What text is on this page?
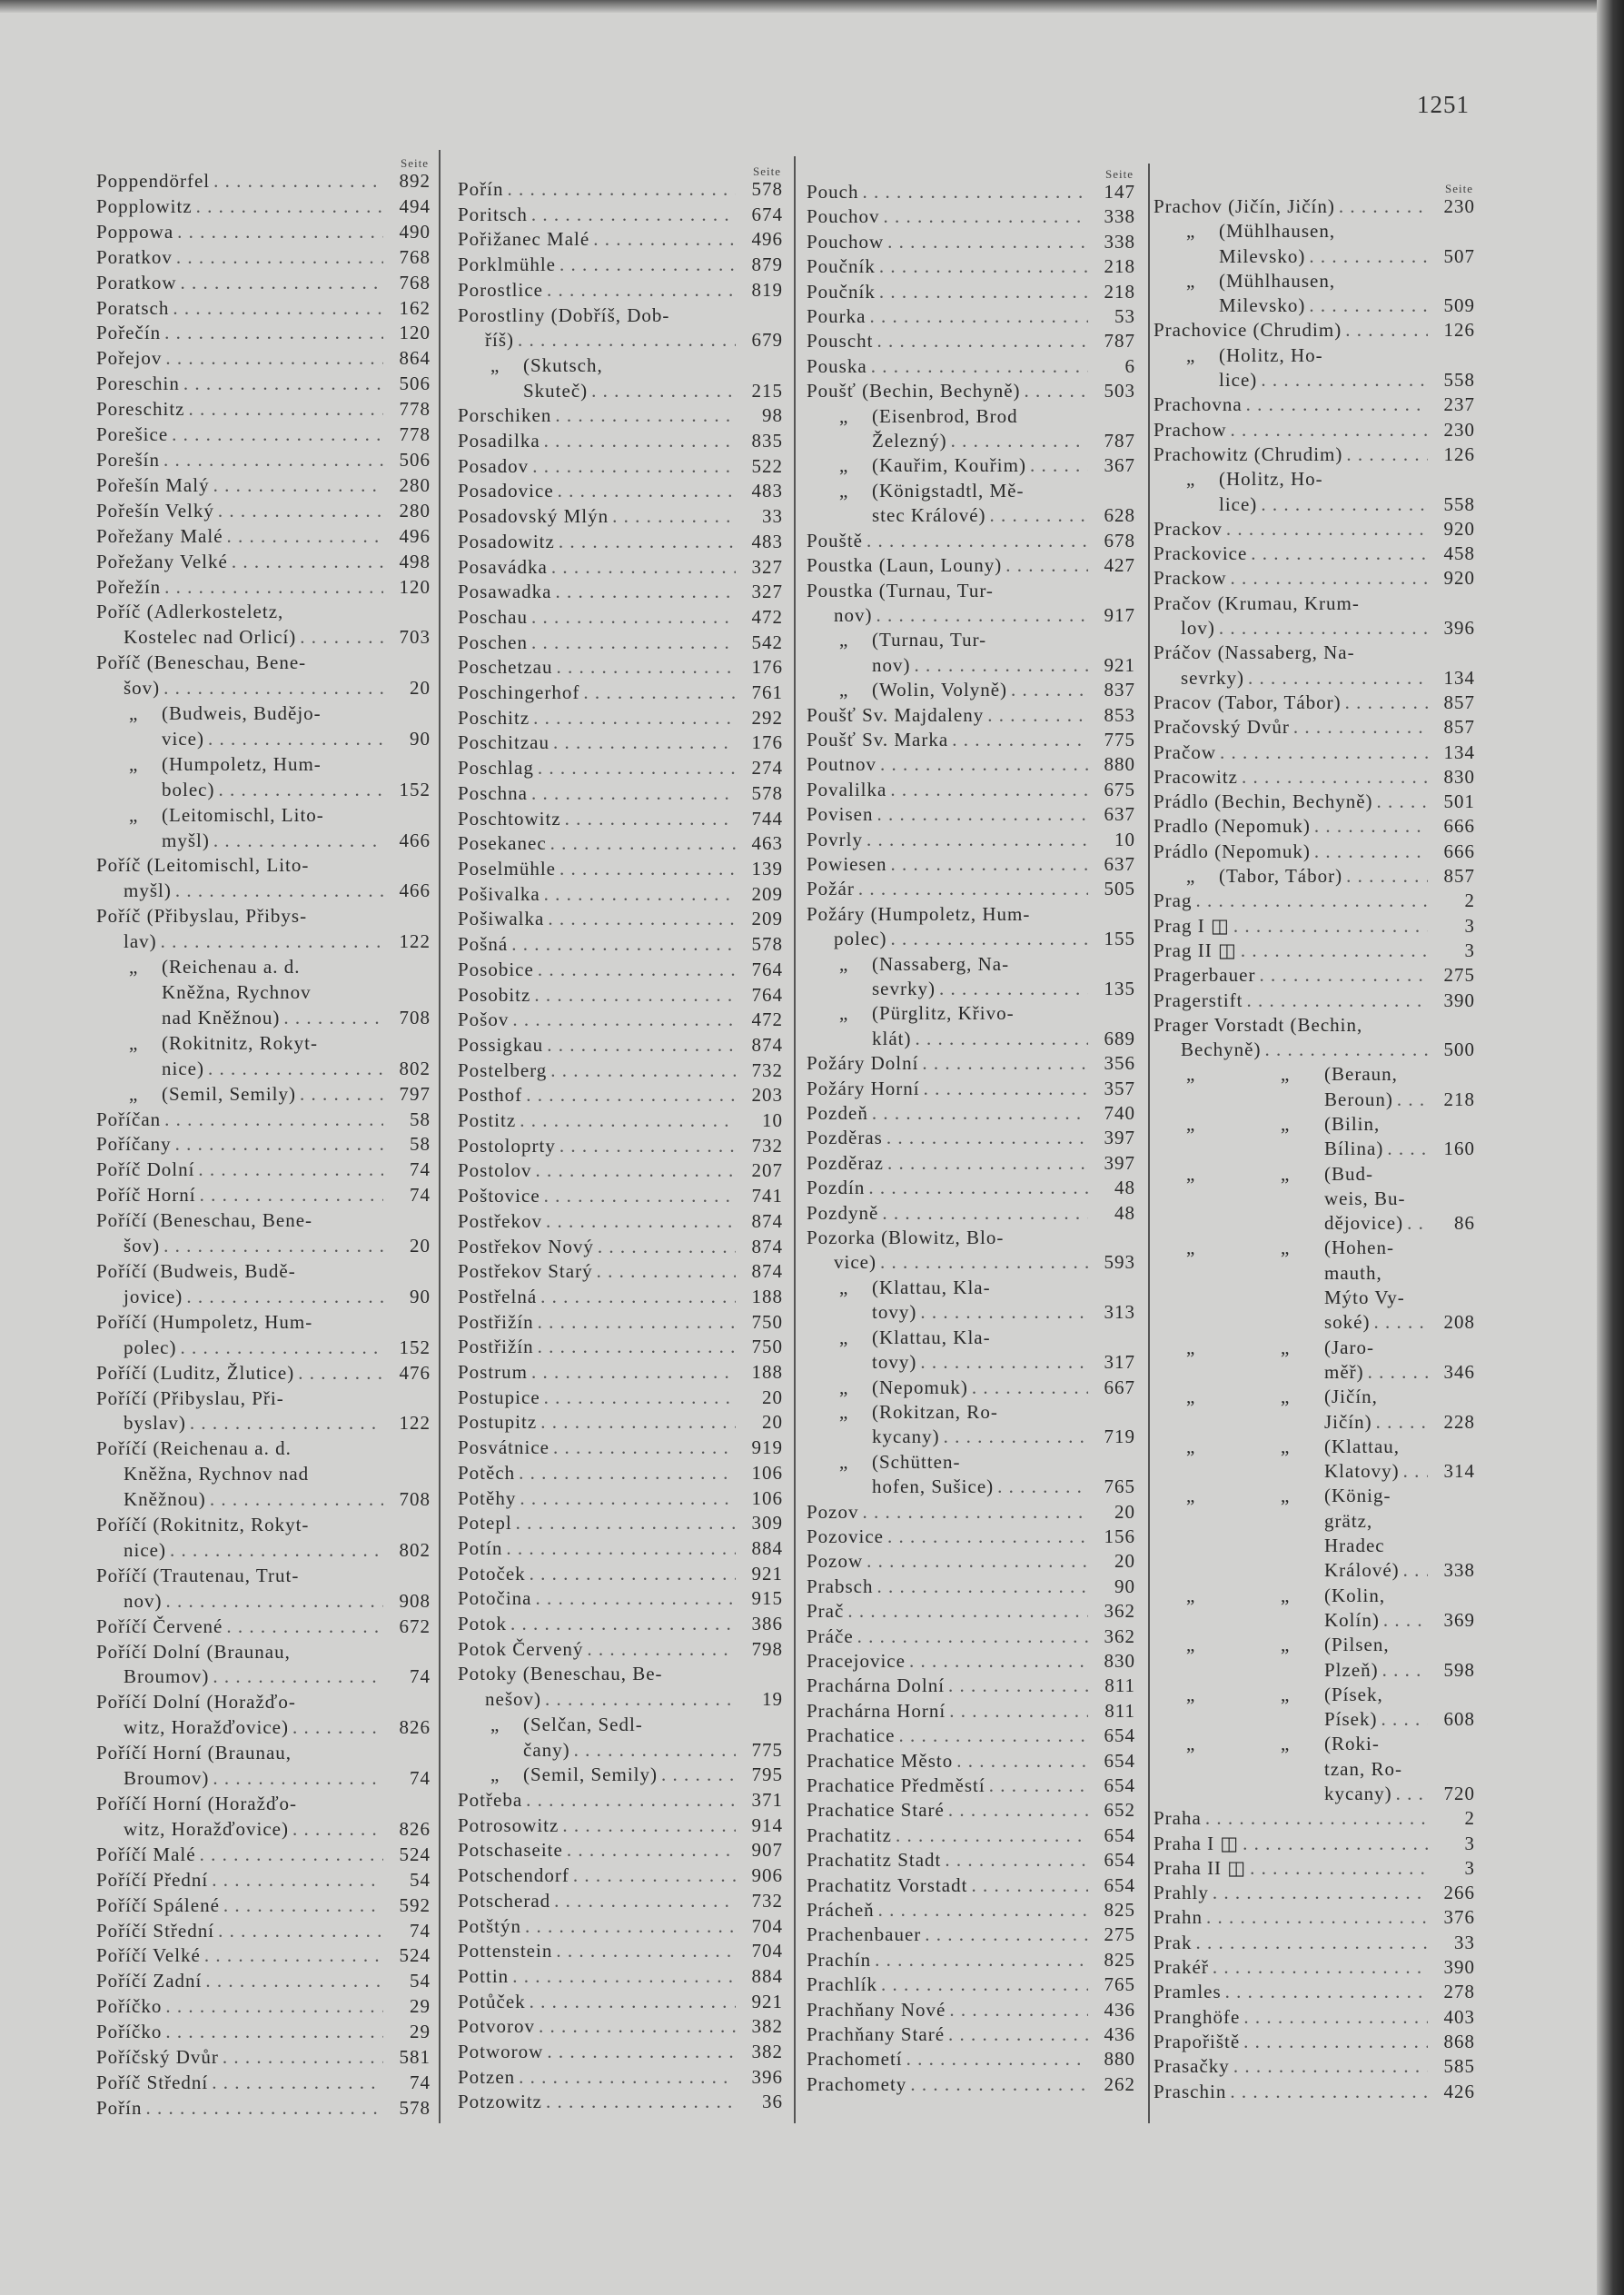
1251
Seite
Poppendörfel . . .	892
Popplowitz . . .	494
Poppowa . . .	490
Poratkov . . .	768
Poratkow . . .	768
Poratsch . . .	162
Pořečín . . .	120
Pořejov . . .	864
Poreschin . . .	506
Poreschitz . . .	778
Porešice . . .	778
Porešín . . .	506
Pořešín Malý . . .	280
Pořešín Velký . . .	280
Pořežany Malé . . .	496
Pořežany Velké . . .	498
Pořežín . . .	120
Poříč (Adlerkosteletz,
Kostelec nad Orlicí) . . .	703
Poříč (Beneschau, Bene-
šov) . . .	20
„ (Budweis, Budějo-
vice) . . .	90
„ (Humpoletz, Hum-
bolec) . . .	152
„ (Leitomischl, Lito-
myšl) . . .	466
Poříč (Leitomischl, Lito-
myšl) . . .	466
Poříč (Přibyslau, Přibys-
lav) . . .	122
„ (Reichenau a. d.
Kněžna, Rychnov
nad Kněžnou) . . .	708
„ (Rokitnitz, Rokyt-
nice) . . .	802
„ (Semil, Semily) . . .	797
Poříčan . . .	58
Poříčany . . .	58
Poříč Dolní . . .	74
Poříč Horní . . .	74
Poříčí (Beneschau, Bene-
šov) . . .	20
Poříčí (Budweis, Budě-
jovice) . . .	90
Poříčí (Humpoletz, Hum-
polec) . . .	152
Poříčí (Luditz, Žlutice) . . .	476
Poříčí (Přibyslau, Při-
byslav) . . .	122
Poříčí (Reichenau a. d.
Kněžna, Rychnov nad
Kněžnou) . . .	708
Poříčí (Rokitnitz, Rokyt-
nice) . . .	802
Poříčí (Trautenau, Trut-
nov) . . .	908
Poříčí Červené . . .	672
Poříčí Dolní (Braunau,
Broumov) . . .	74
Poříčí Dolní (Horažďo-
witz, Horažďovice) . . .	826
Poříčí Horní (Braunau,
Broumov) . . .	74
Poříčí Horní (Horažďo-
witz, Horažďovice) . . .	826
Poříčí Malé . . .	524
Poříčí Přední . . .	54
Poříčí Spálené . . .	592
Poříčí Střední . . .	74
Poříčí Velké . . .	524
Poříčí Zadní . . .	54
Poříčko . . .	29
Poříčko . . .	29
Poříčský Dvůr . . .	581
Poříč Střední . . .	74
Pořín . . .	578
Seite
Pořín . . .	578
Poritsch . . .	674
Pořižanec Malé . . .	496
Porklmühle . . .	879
Porostlice . . .	819
Porostliny (Dobříš, Dob-
říš) . . .	679
„ (Skutsch,
Skuteč) . . .	215
Porschiken . . .	98
Posadilka . . .	835
Posadov . . .	522
Posadovice . . .	483
Posadovský Mlýn . . .	33
Posadowitz . . .	483
Posavádka . . .	327
Posawadka . . .	327
Poschau . . .	472
Poschen . . .	542
Poschetzau . . .	176
Poschingerhof . . .	761
Poschitz . . .	292
Poschitzau . . .	176
Poschlag . . .	274
Poschna . . .	578
Poschtowitz . . .	744
Posekanec . . .	463
Poselmühle . . .	139
Pošivalka . . .	209
Pošiwalka . . .	209
Pošná . . .	578
Posobice . . .	764
Posobitz . . .	764
Pošov . . .	472
Possigkau . . .	874
Postelberg . . .	732
Posthof . . .	203
Postitz . . .	10
Postoloprty . . .	732
Postolov . . .	207
Poštovice . . .	741
Postřekov . . .	874
Postřekov Nový . . .	874
Postřekov Starý . . .	874
Postřelná . . .	188
Postřižín . . .	750
Postřižín . . .	750
Postrum . . .	188
Postupice . . .	20
Postupitz . . .	20
Posvátnice . . .	919
Potěch . . .	106
Potěhy . . .	106
Potepl . . .	309
Potín . . .	884
Potoček . . .	921
Potočina . . .	915
Potok . . .	386
Potok Červený . . .	798
Potoky (Beneschau, Be-
nešov) . . .	19
„ (Selčan, Sedl-
čany) . . .	775
„ (Semil, Semily) . . .	795
Potřeba . . .	371
Potrosowitz . . .	914
Potschaseite . . .	907
Potschendorf . . .	906
Potscherad . . .	732
Potštýn . . .	704
Pottenstein . . .	704
Pottin . . .	884
Potůček . . .	921
Potvorov . . .	382
Potworow . . .	382
Potzen . . .	396
Potzowitz . . .	36
Seite
Pouch . . .	147
Pouchov . . .	338
Pouchow . . .	338
Poučník . . .	218
Poučník . . .	218
Pourka . . .	53
Pouscht . . .	787
Pouska . . .	6
Poušť (Bechin, Bechyně) . . .	503
„ (Eisenbrod, Brod
Železný) . . .	787
„ (Kauřim, Kouřim) . . .	367
„ (Königstadtl, Mě-
stec Králové) . . .	628
Pouště . . .	678
Poustka (Laun, Louny) . . .	427
Poustka (Turnau, Tur-
nov) . . .	917
„ (Turnau, Tur-
nov) . . .	921
„ (Wolin, Volyně) . . .	837
Poušť Sv. Majdaleny . . .	853
Poušť Sv. Marka . . .	775
Poutnov . . .	880
Povalilka . . .	675
Povisen . . .	637
Povrly . . .	10
Powiesen . . .	637
Požár . . .	505
Požáry (Humpoletz, Hum-
polec) . . .	155
„ (Nassaberg, Na-
sevrky) . . .	135
„ (Pürglitz, Křivo-
klát) . . .	689
Požáry Dolní . . .	356
Požáry Horní . . .	357
Pozdeň . . .	740
Pozděras . . .	397
Pozděraz . . .	397
Pozdín . . .	48
Pozdyně . . .	48
Pozorka (Blowitz, Blo-
vice) . . .	593
„ (Klattau, Kla-
tovy) . . .	313
„ (Klattau, Kla-
tovy) . . .	317
„ (Nepomuk) . . .	667
„ (Rokitzan, Ro-
kycany) . . .	719
„ (Schütten-
hofen, Sušice) . . .	765
Pozov . . .	20
Pozovice . . .	156
Pozow . . .	20
Prabsch . . .	90
Prač . . .	362
Práče . . .	362
Pracejovice . . .	830
Prachárna Dolní . . .	811
Prachárna Horní . . .	811
Prachatice . . .	654
Prachatice Město . . .	654
Prachatice Předměstí . . .	654
Prachatice Staré . . .	652
Prachatitz . . .	654
Prachatitz Stadt . . .	654
Prachatitz Vorstadt . . .	654
Prácheň . . .	825
Prachenbauer . . .	275
Prachín . . .	825
Prachlík . . .	765
Prachňany Nové . . .	436
Prachňany Staré . . .	436
Prachometí . . .	880
Prachomety . . .	262
Seite
Prachov (Jičín, Jičín) . . .	230
„ (Mühlhausen,
Milevsko) . . .	507
„ (Mühlhausen,
Milevsko) . . .	509
Prachovice (Chrudim) . . .	126
„ (Holitz, Ho-
lice) . . .	558
Prachovna . . .	237
Prachow . . .	230
Prachowitz (Chrudim) . . .	126
„ (Holitz, Ho-
lice) . . .	558
Prackov . . .	920
Prackovice . . .	458
Prackow . . .	920
Pračov (Krumau, Krum-
lov) . . .	396
Práčov (Nassaberg, Na-
sevrky) . . .	134
Pracov (Tabor, Tábor) . . .	857
Pračovský Dvůr . . .	857
Pračow . . .	134
Pracowitz . . .	830
Prádlo (Bechin, Bechyně) . . .	501
Pradlo (Nepomuk) . . .	666
Prádlo (Nepomuk) . . .	666
„ (Tabor, Tábor) . . .	857
Prag . . .	2
Prag I ◫ . . .	3
Prag II ◫ . . .	3
Pragerbauer . . .	275
Pragerstift . . .	390
Prager Vorstadt (Bechin,
Bechyně) . . .	500
„	„ (Beraun,
Beroun) . . .	218
„	„ (Bilin,
Bílina) . . .	160
„	„ (Bud-
weis, Bu-
dějovice) . . .	86
„	„ (Hohen-
mauth,
Mýto Vy-
soké) . . .	208
„	„ (Jaro-
měř) . . .	346
„	„ (Jičín,
Jičín) . . .	228
„	„ (Klattau,
Klatovy) . . .	314
„	„ (König-
grätz,
Hradec
Králové) . . .	338
„	„ (Kolin,
Kolín) . . .	369
„	„ (Pilsen,
Plzeň) . . .	598
„	„ (Písek,
Písek) . . .	608
„	„ (Roki-
tzan, Ro-
kycany) . . .	720
Praha . . .	2
Praha I ◫ . . .	3
Praha II ◫ . . .	3
Prahly . . .	266
Prahn . . .	376
Prak . . .	33
Prakéř . . .	390
Pramles . . .	278
Pranghöfe . . .	403
Prapořiště . . .	868
Prasačky . . .	585
Praschin . . .	426
